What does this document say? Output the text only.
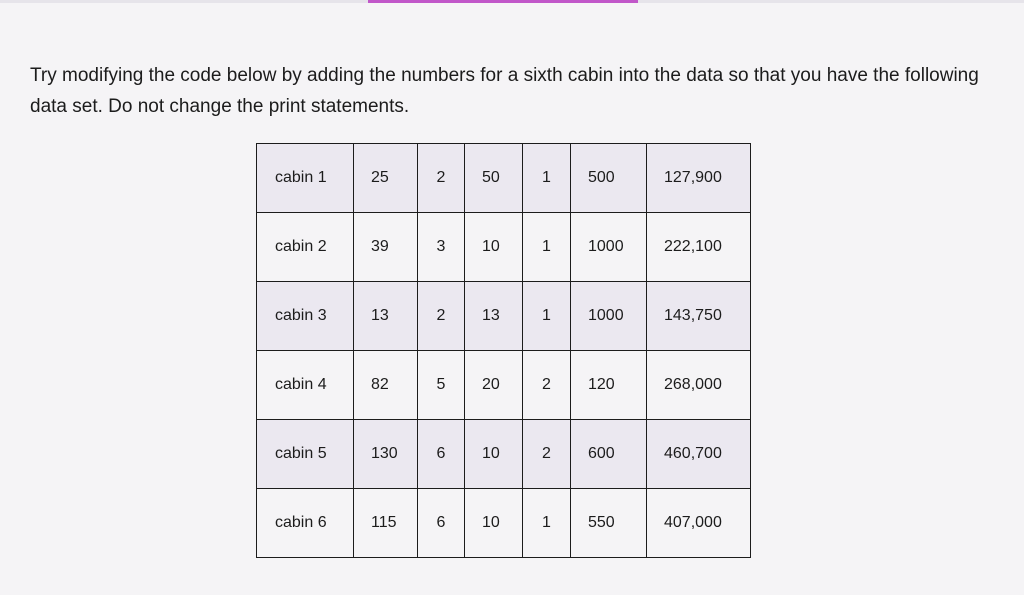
Try modifying the code below by adding the numbers for a sixth cabin into the data so that you have the following data set. Do not change the print statements.

cabin 1	25	2	50	1	500	127,900
cabin 2	39	3	10	1	1000	222,100
cabin 3	13	2	13	1	1000	143,750
cabin 4	82	5	20	2	120	268,000
cabin 5	130	6	10	2	600	460,700
cabin 6	115	6	10	1	550	407,000
